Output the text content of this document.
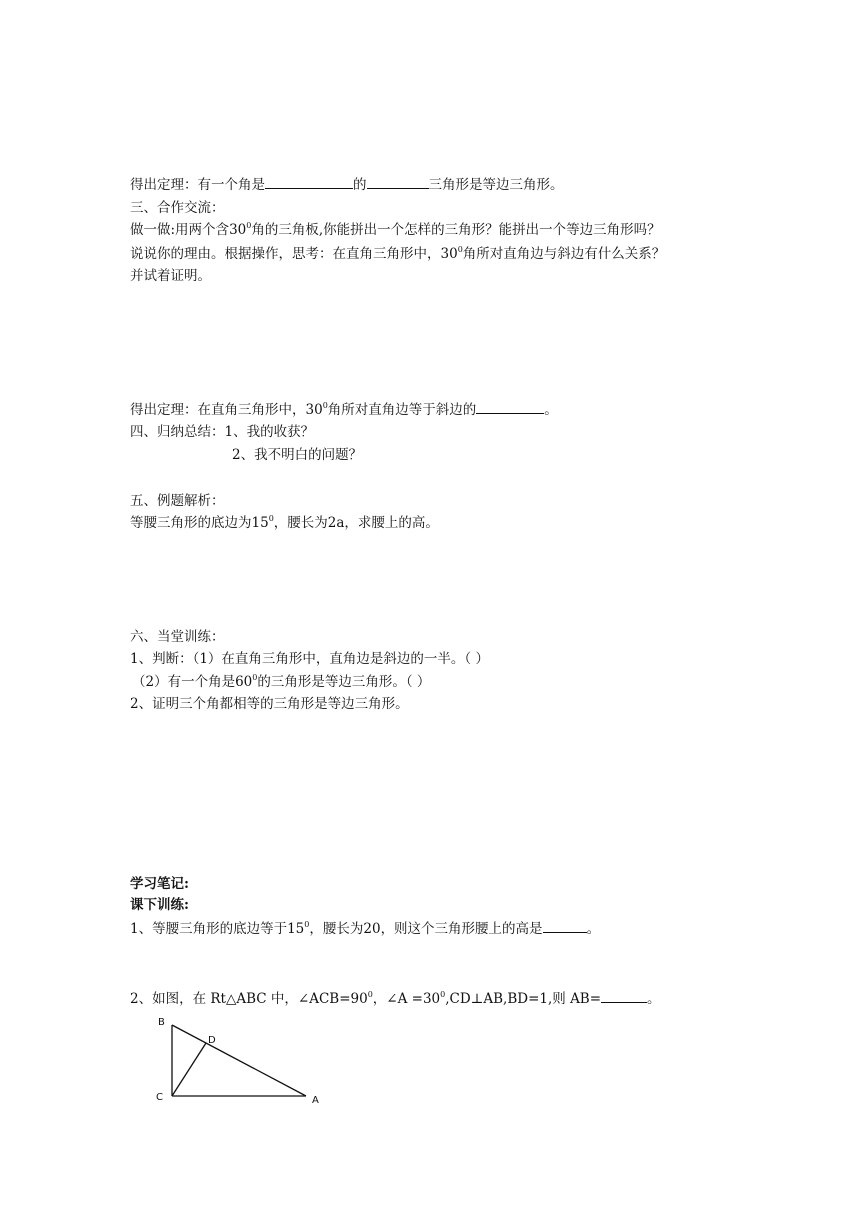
得出定理：有一个角是	的	三角形是等边三角形。
三、合作交流：
做一做:用两个含$30^0$角的三角板,你能拼出一个怎样的三角形？能拼出一个等边三角形吗？
说说你的理由。根据操作，思考：在直角三角形中，$30^0$角所对直角边与斜边有什么关系？
并试着证明。
得出定理：在直角三角形中，$30^0$角所对直角边等于斜边的	。
四、归纳总结：1、我的收获？
2、我不明白的问题？
五、例题解析：
等腰三角形的底边为$15^0$，腰长为2a，求腰上的高。
六、当堂训练：
1、判断：（1）在直角三角形中，直角边是斜边的一半。（ ）
（2）有一个角是$60^0$的三角形是等边三角形。（ ）
2、证明三个角都相等的三角形是等边三角形。
学习笔记:
课下训练:
1、等腰三角形的底边等于$15^0$，腰长为20，则这个三角形腰上的高是	。
2、如图，在 Rt△ABC 中，$\angle ACB=90^0$，∠A $=30^0,CD\perp AB,BD=1$,则 AB=	。
B
C
D
A
